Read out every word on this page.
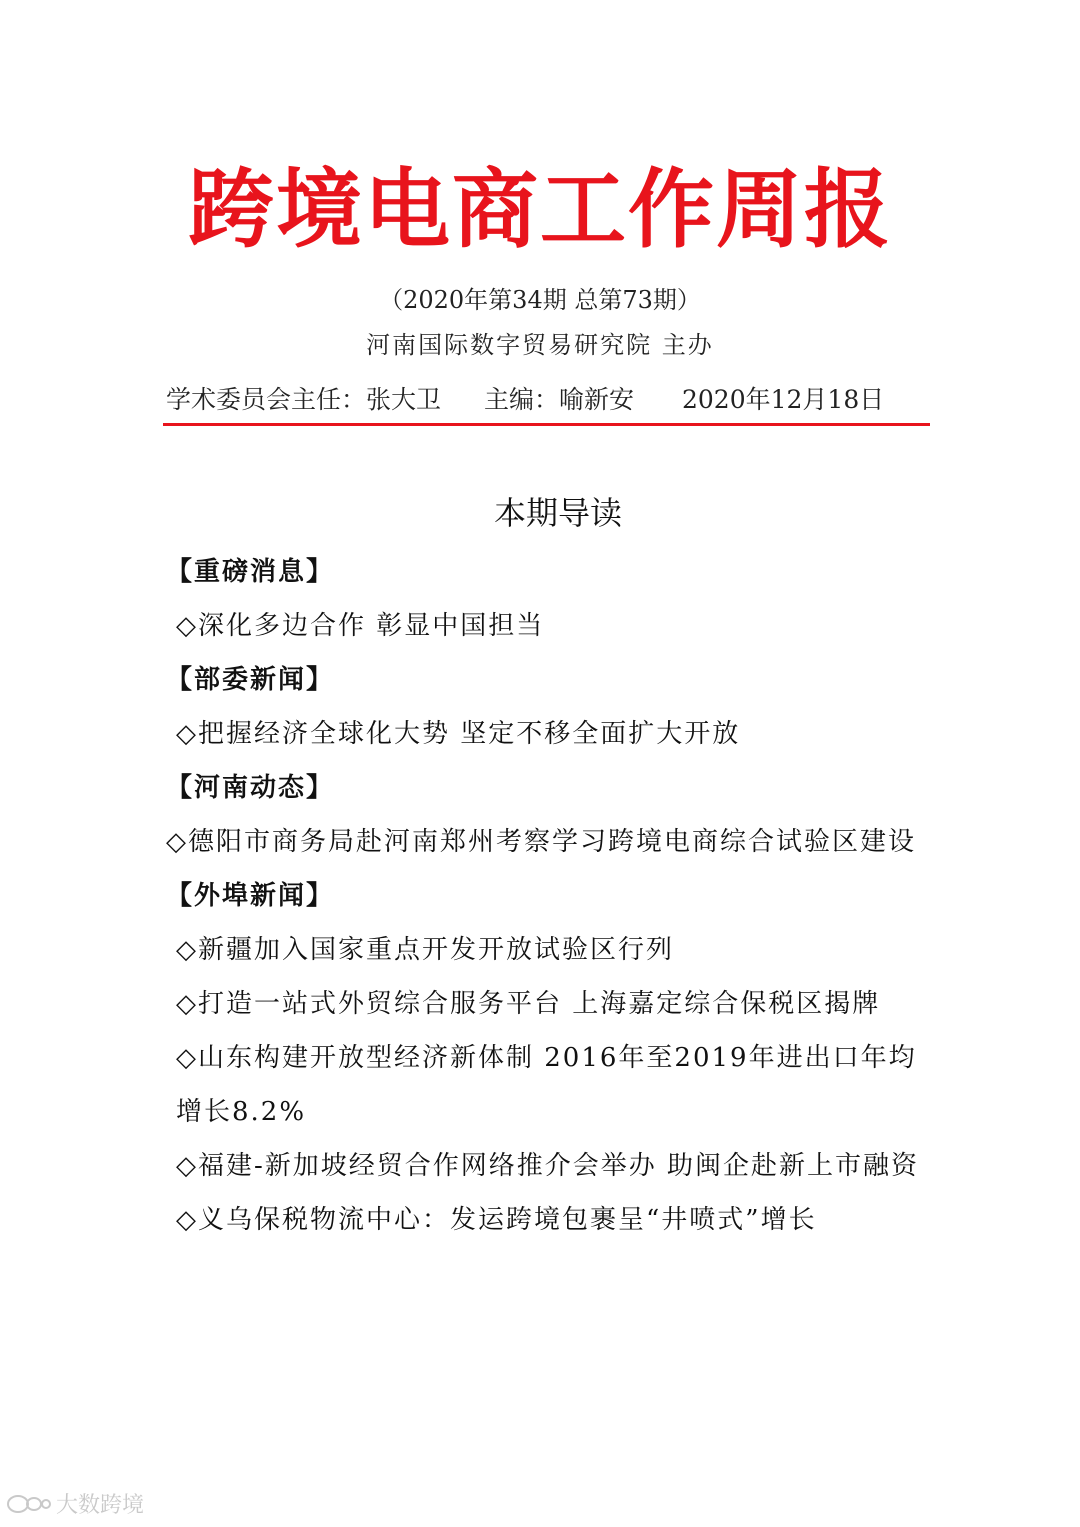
跨境电商工作周报
（2020年第34期 总第73期）
河南国际数字贸易研究院 主办
学术委员会主任：张大卫	主编：喻新安	2020年12月18日
本期导读
【重磅消息】
◇深化多边合作 彰显中国担当
【部委新闻】
◇把握经济全球化大势 坚定不移全面扩大开放
【河南动态】
◇德阳市商务局赴河南郑州考察学习跨境电商综合试验区建设
【外埠新闻】
◇新疆加入国家重点开发开放试验区行列
◇打造一站式外贸综合服务平台 上海嘉定综合保税区揭牌
◇山东构建开放型经济新体制 2016年至2019年进出口年均增长8.2%
◇福建-新加坡经贸合作网络推介会举办 助闽企赴新上市融资
◇义乌保税物流中心：发运跨境包裹呈“井喷式”增长
大数跨境
